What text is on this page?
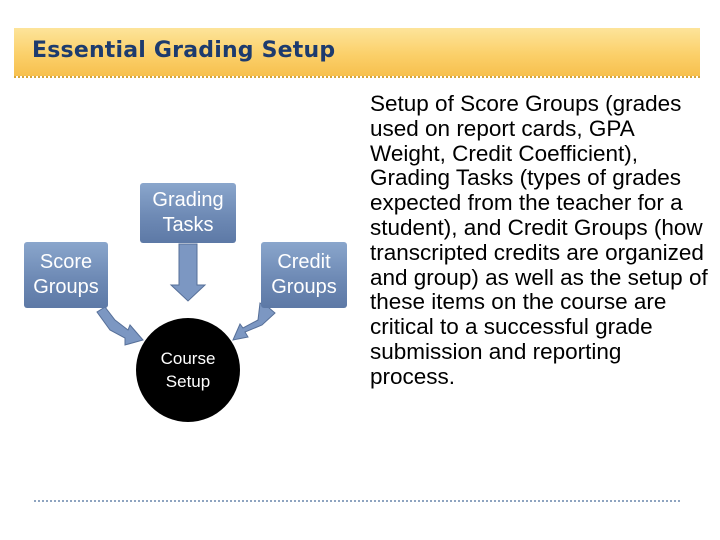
Essential Grading Setup
Grading
Tasks
Score
Groups
Credit
Groups
Course
Setup
Setup of Score Groups (grades used on report cards, GPA Weight, Credit Coefficient), Grading Tasks (types of grades expected from the teacher for a student), and Credit Groups (how transcripted credits are organized and group) as well as the setup of these items on the course are critical to a successful grade submission and reporting process.
